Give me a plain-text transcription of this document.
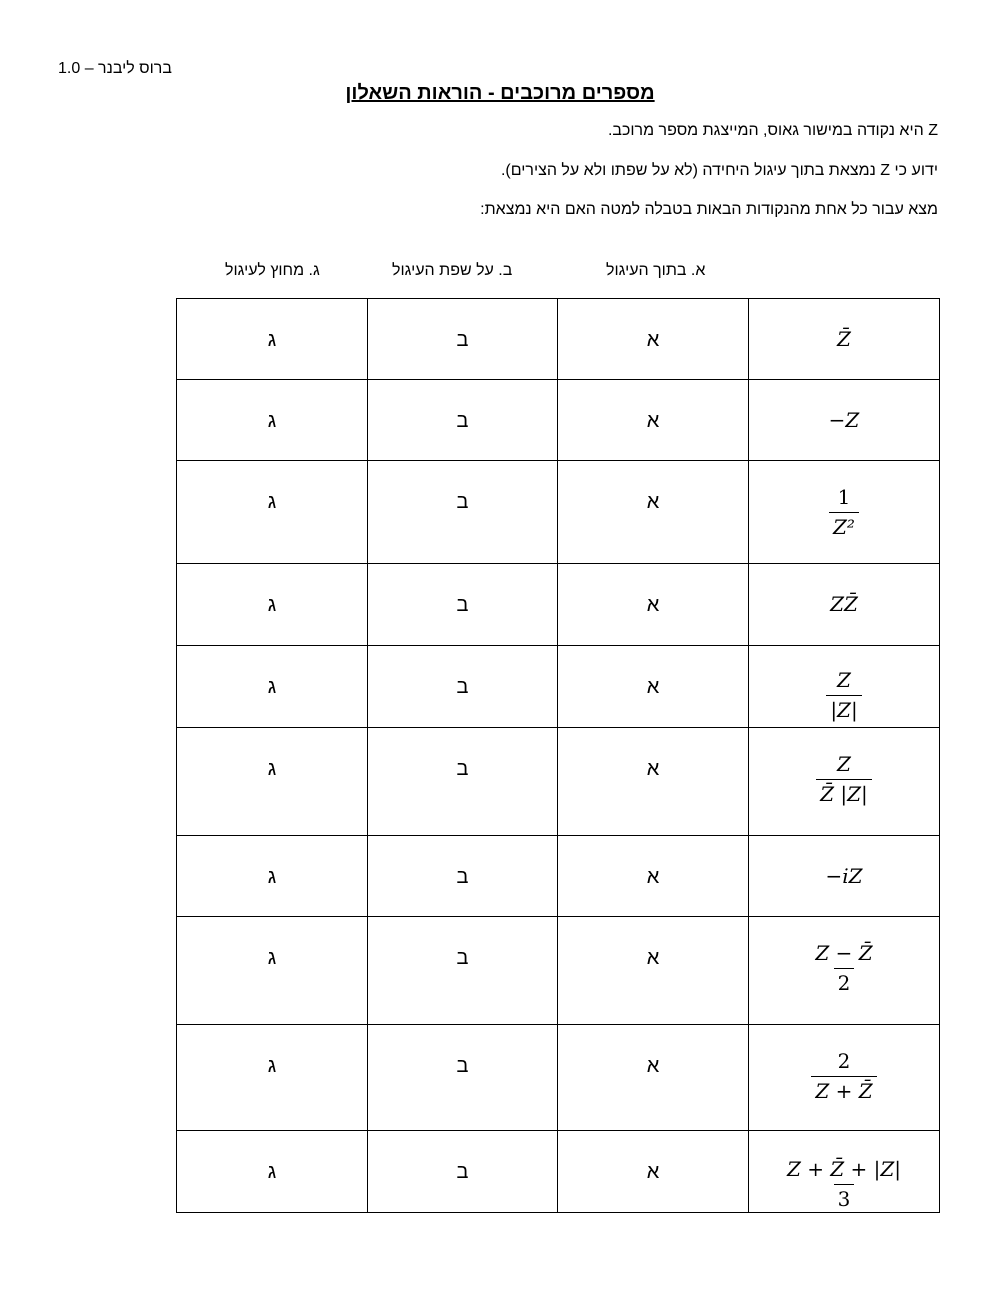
ברוס ליבנר – 1.0
מספרים מרוכבים - הוראות השאלון
Z היא נקודה במישור גאוס, המייצגת מספר מרוכב.
ידוע כי Z נמצאת בתוך עיגול היחידה (לא על שפתו ולא על הצירים).
מצא עבור כל אחת מהנקודות הבאות בטבלה למטה האם היא נמצאת:
א. בתוך העיגול
ב. על שפת העיגול
ג. מחוץ לעיגול
ג	ב	א	Z̄
ג	ב	א	−Z
ג	ב	א	$\frac{1}{\text{Z²}}$

ג	ב	א	ZZ̄
ג	ב	א	$\frac{Z}{|Z|}$

ג	ב	א	$\frac{Z}{Z̄ |Z|}$

ג	ב	א	−iZ
ג	ב	א	$\frac{Z - Z̄}{2}$

ג	ב	א	$\frac{2}{Z + Z̄}$

ג	ב	א	$\frac{Z + Z̄ + |Z|}{3}$
